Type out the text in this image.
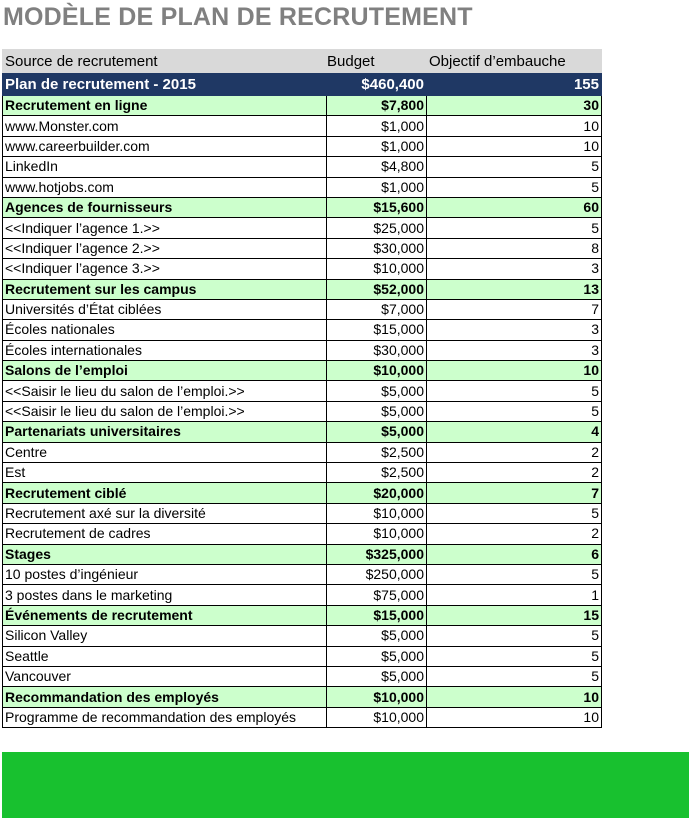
MODÈLE DE PLAN DE RECRUTEMENT
Source de recrutement	Budget	Objectif d’embauche
Plan de recrutement - 2015	$460,400	155
Recrutement en ligne	$7,800	30
www.Monster.com	$1,000	10
www.careerbuilder.com	$1,000	10
LinkedIn	$4,800	5
www.hotjobs.com	$1,000	5
Agences de fournisseurs	$15,600	60
<<Indiquer l’agence 1.>>	$25,000	5
<<Indiquer l’agence 2.>>	$30,000	8
<<Indiquer l’agence 3.>>	$10,000	3
Recrutement sur les campus	$52,000	13
Universités d’État ciblées	$7,000	7
Écoles nationales	$15,000	3
Écoles internationales	$30,000	3
Salons de l’emploi	$10,000	10
<<Saisir le lieu du salon de l’emploi.>>	$5,000	5
<<Saisir le lieu du salon de l’emploi.>>	$5,000	5
Partenariats universitaires	$5,000	4
Centre	$2,500	2
Est	$2,500	2
Recrutement ciblé	$20,000	7
Recrutement axé sur la diversité	$10,000	5
Recrutement de cadres	$10,000	2
Stages	$325,000	6
10 postes d’ingénieur	$250,000	5
3 postes dans le marketing	$75,000	1
Événements de recrutement	$15,000	15
Silicon Valley	$5,000	5
Seattle	$5,000	5
Vancouver	$5,000	5
Recommandation des employés	$10,000	10
Programme de recommandation des employés	$10,000	10
